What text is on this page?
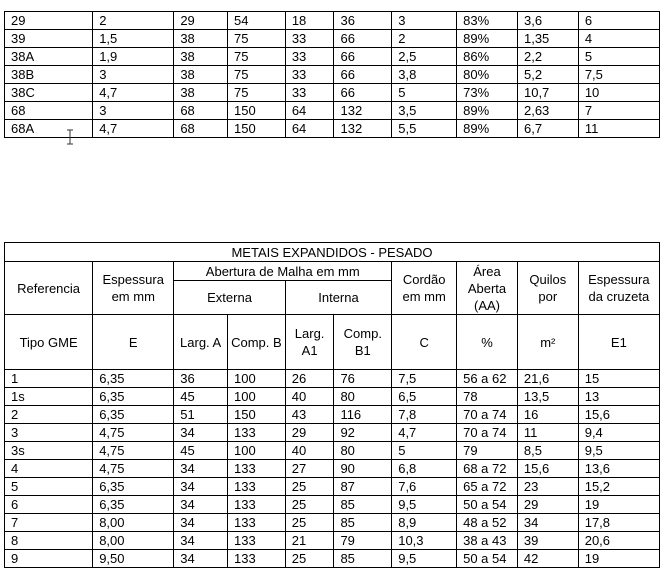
29	2	29	54	18	36	3	83%	3,6	6
39	1,5	38	75	33	66	2	89%	1,35	4
38A	1,9	38	75	33	66	2,5	86%	2,2	5
38B	3	38	75	33	66	3,8	80%	5,2	7,5
38C	4,7	38	75	33	66	5	73%	10,7	10
68	3	68	150	64	132	3,5	89%	2,63	7
68A	4,7	68	150	64	132	5,5	89%	6,7	11
METAIS EXPANDIDOS - PESADO									
Referencia	Espessura em mm	Abertura de Malha em mm				Cordão em mm	Área Aberta (AA)	Quilos por	Espessura da cruzeta
		Externa		Interna					
Tipo GME	E	Larg. A	Comp. B	Larg. A1	Comp. B1	C	%	m²	E1
1	6,35	36	100	26	76	7,5	56 a 62	21,6	15
1s	6,35	45	100	40	80	6,5	78	13,5	13
2	6,35	51	150	43	116	7,8	70 a 74	16	15,6
3	4,75	34	133	29	92	4,7	70 a 74	11	9,4
3s	4,75	45	100	40	80	5	79	8,5	9,5
4	4,75	34	133	27	90	6,8	68 a 72	15,6	13,6
5	6,35	34	133	25	87	7,6	65 a 72	23	15,2
6	6,35	34	133	25	85	9,5	50 a 54	29	19
7	8,00	34	133	25	85	8,9	48 a 52	34	17,8
8	8,00	34	133	21	79	10,3	38 a 43	39	20,6
9	9,50	34	133	25	85	9,5	50 a 54	42	19
